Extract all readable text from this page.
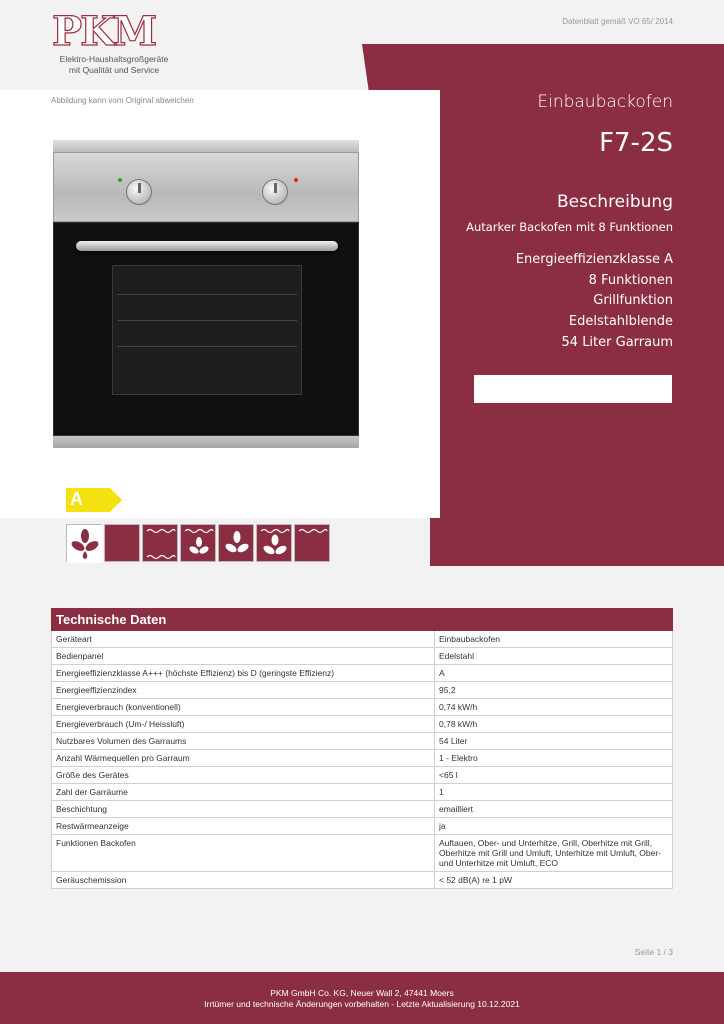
PKM
Elektro-Haushaltsgroßgeräte
mit Qualität und Service
Datenblatt gemäß VO 65/ 2014
Abbildung kann vom Original abweichen
A
Einbaubackofen
F7-2S
Beschreibung
Autarker Backofen mit 8 Funktionen
Energieeffizienzklasse A
8 Funktionen
Grillfunktion
Edelstahlblende
54 Liter Garraum
Technische Daten	
Geräteart	Einbaubackofen
Bedienpanel	Edelstahl
Energieeffizienzklasse A+++ (höchste Effizienz) bis D (geringste Effizienz)	A
Energieeffizienzindex	95,2
Energieverbrauch (konventionell)	0,74 kW/h
Energieverbrauch (Um-/ Heissluft)	0,78 kW/h
Nutzbares Volumen des Garraums	54 Liter
Anzahl Wärmequellen pro Garraum	1 - Elektro
Größe des Gerätes	<65 l
Zahl der Garräume	1
Beschichtung	emailliert
Restwärmeanzeige	ja
Funktionen Backofen	Auftauen, Ober- und Unterhitze, Grill, Oberhitze mit Grill, Oberhitze mit Grill und Umluft, Unterhitze mit Umluft, Ober- und Unterhitze mit Umluft, ECO
Geräuschemission	< 52 dB(A) re 1 pW
Seite 1 / 3
PKM GmbH Co. KG, Neuer Wall 2, 47441 Moers
Irrtümer und technische Änderungen vorbehalten - Letzte Aktualisierung 10.12.2021
